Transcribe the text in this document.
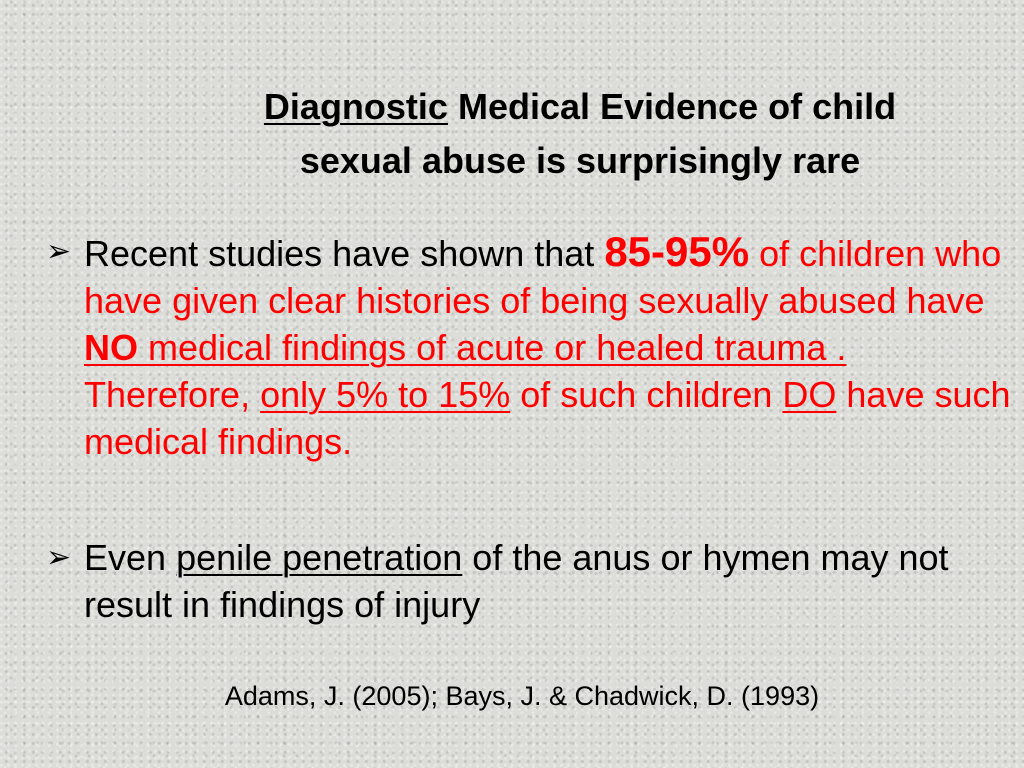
Diagnostic Medical Evidence of child
sexual abuse is surprisingly rare
➢ Recent studies have shown that 85-95% of children who have given clear histories of being sexually abused have NO medical findings of acute or healed trauma . Therefore, only 5% to 15% of such children DO have such medical findings.
➢ Even penile penetration of the anus or hymen may not result in findings of injury
Adams, J. (2005); Bays, J. & Chadwick, D. (1993)
